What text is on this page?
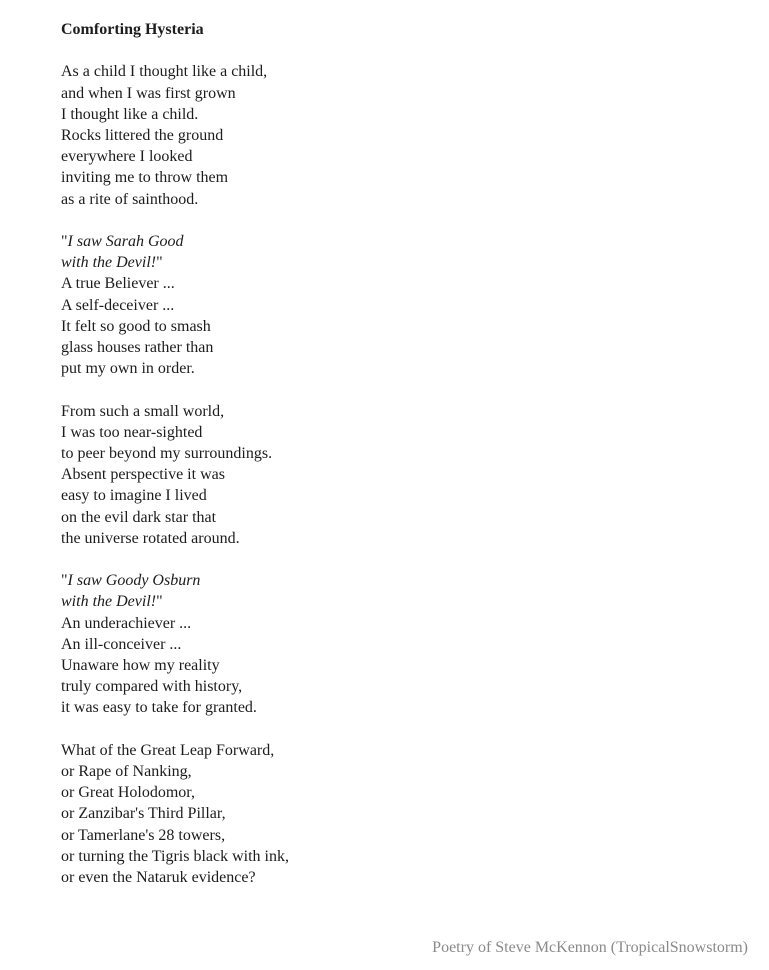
Comforting Hysteria
As a child I thought like a child,
and when I was first grown
I thought like a child.
Rocks littered the ground
everywhere I looked
inviting me to throw them
as a rite of sainthood.
"I saw Sarah Good
with the Devil!"
A true Believer ...
A self-deceiver ...
It felt so good to smash
glass houses rather than
put my own in order.
From such a small world,
I was too near-sighted
to peer beyond my surroundings.
Absent perspective it was
easy to imagine I lived
on the evil dark star that
the universe rotated around.
"I saw Goody Osburn
with the Devil!"
An underachiever ...
An ill-conceiver ...
Unaware how my reality
truly compared with history,
it was easy to take for granted.
What of the Great Leap Forward,
or Rape of Nanking,
or Great Holodomor,
or Zanzibar's Third Pillar,
or Tamerlane's 28 towers,
or turning the Tigris black with ink,
or even the Nataruk evidence?
Poetry of Steve McKennon (TropicalSnowstorm)
